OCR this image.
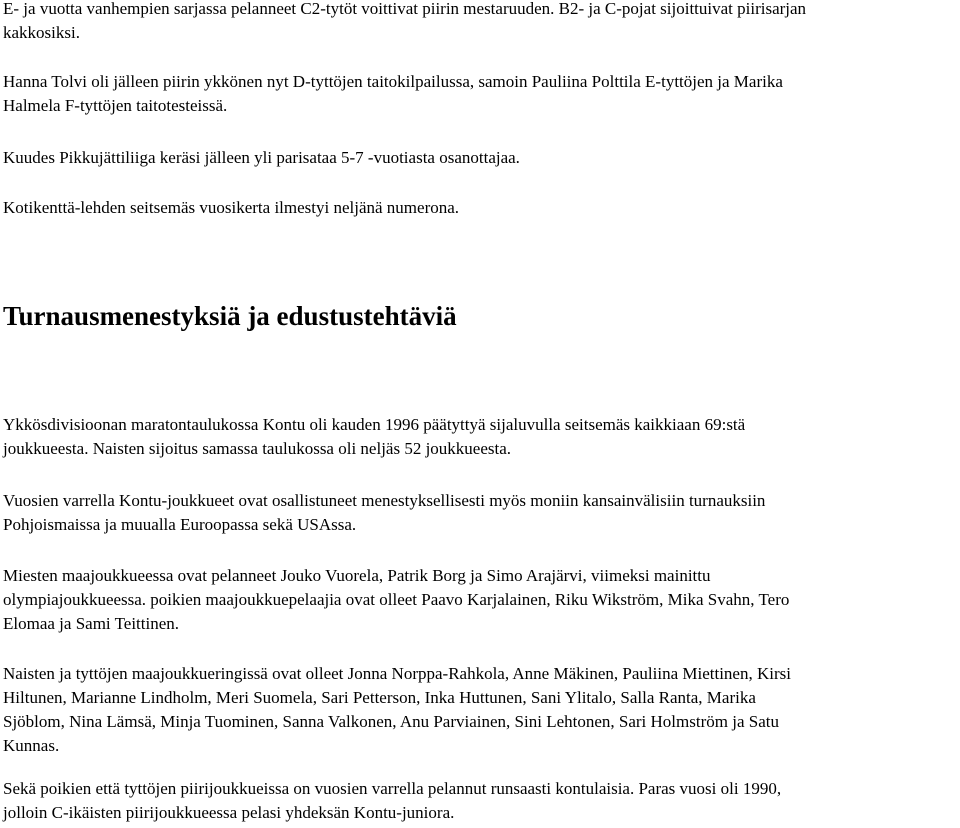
E- ja vuotta vanhempien sarjassa pelanneet C2-tytöt voittivat piirin mestaruuden. B2- ja C-pojat sijoittuivat piirisarjan
kakkosiksi.

Hanna Tolvi oli jälleen piirin ykkönen nyt D-tyttöjen taitokilpailussa, samoin Pauliina Polttila E-tyttöjen ja Marika
Halmela F-tyttöjen taitotesteissä.

Kuudes Pikkujättiliiga keräsi jälleen yli parisataa 5-7 -vuotiasta osanottajaa.

Kotikenttä-lehden seitsemäs vuosikerta ilmestyi neljänä numerona.

Turnausmenestyksiä ja edustustehtäviä

Ykkösdivisioonan maratontaulukossa Kontu oli kauden 1996 päätyttyä sijaluvulla seitsemäs kaikkiaan 69:stä
joukkueesta. Naisten sijoitus samassa taulukossa oli neljäs 52 joukkueesta.

Vuosien varrella Kontu-joukkueet ovat osallistuneet menestyksellisesti myös moniin kansainvälisiin turnauksiin
Pohjoismaissa ja muualla Euroopassa sekä USAssa.

Miesten maajoukkueessa ovat pelanneet Jouko Vuorela, Patrik Borg ja Simo Arajärvi, viimeksi mainittu
olympiajoukkueessa. poikien maajoukkuepelaajia ovat olleet Paavo Karjalainen, Riku Wikström, Mika Svahn, Tero
Elomaa ja Sami Teittinen.

Naisten ja tyttöjen maajoukkueringissä ovat olleet Jonna Norppa-Rahkola, Anne Mäkinen, Pauliina Miettinen, Kirsi
Hiltunen, Marianne Lindholm, Meri Suomela, Sari Petterson, Inka Huttunen, Sani Ylitalo, Salla Ranta, Marika
Sjöblom, Nina Lämsä, Minja Tuominen, Sanna Valkonen, Anu Parviainen, Sini Lehtonen, Sari Holmström ja Satu
Kunnas.

Sekä poikien että tyttöjen piirijoukkueissa on vuosien varrella pelannut runsaasti kontulaisia. Paras vuosi oli 1990,
jolloin C-ikäisten piirijoukkueessa pelasi yhdeksän Kontu-juniora.
